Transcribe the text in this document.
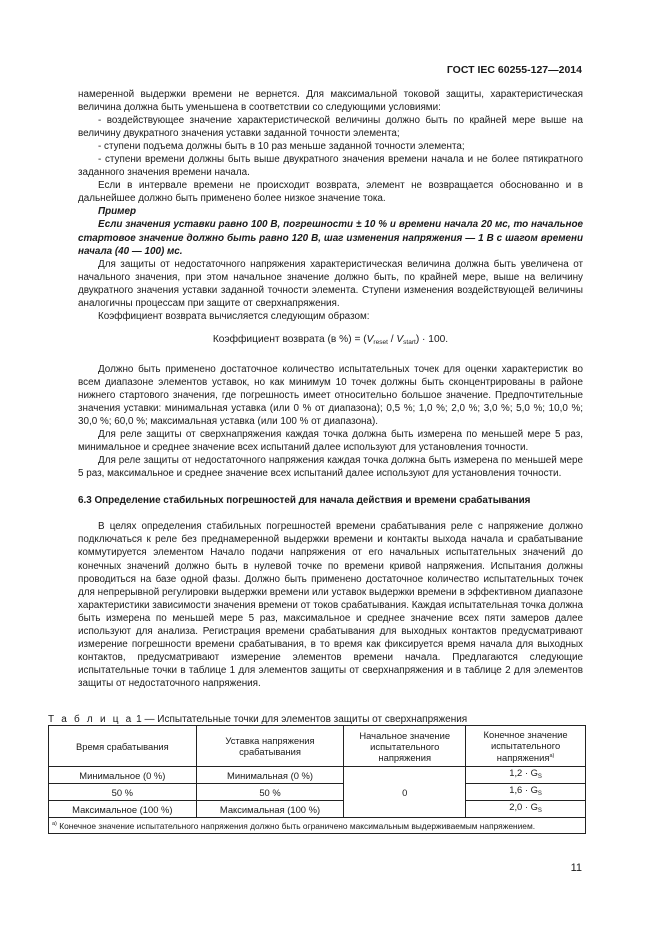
ГОСТ IEC 60255-127—2014

намеренной выдержки времени не вернется. Для максимальной токовой защиты, характеристическая величина должна быть уменьшена в соответствии со следующими условиями:

- воздействующее значение характеристической величины должно быть по крайней мере выше на величину двукратного значения уставки заданной точности элемента;

- ступени подъема должны быть в 10 раз меньше заданной точности элемента;

- ступени времени должны быть выше двукратного значения времени начала и не более пятикратного заданного значения времени начала.

Если в интервале времени не происходит возврата, элемент не возвращается обоснованно и в дальнейшее должно быть применено более низкое значение тока.

Пример

Если значения уставки равно 100 В, погрешности ± 10 % и времени начала 20 мс, то начальное стартовое значение должно быть равно 120 В, шаг изменения напряжения — 1 В с шагом времени начала (40 — 100) мс.

Для защиты от недостаточного напряжения характеристическая величина должна быть увеличена от начального значения, при этом начальное значение должно быть, по крайней мере, выше на величину двукратного значения уставки заданной точности элемента. Ступени изменения воздействующей величины аналогичны процессам при защите от сверхнапряжения.

Коэффициент возврата вычисляется следующим образом:

Коэффициент возврата (в %) = $(V_{reset} / V_{start}) \cdot 100$.

Должно быть применено достаточное количество испытательных точек для оценки характеристик во всем диапазоне элементов уставок, но как минимум 10 точек должны быть сконцентрированы в районе нижнего стартового значения, где погрешность имеет относительно большое значение. Предпочтительные значения уставки: минимальная уставка (или 0 % от диапазона); 0,5 %; 1,0 %; 2,0 %; 3,0 %; 5,0 %; 10,0 %; 30,0 %; 60,0 %; максимальная уставка (или 100 % от диапазона).

Для реле защиты от сверхнапряжения каждая точка должна быть измерена по меньшей мере 5 раз, минимальное и среднее значение всех испытаний далее используют для установления точности.

Для реле защиты от недостаточного напряжения каждая точка должна быть измерена по меньшей мере 5 раз, максимальное и среднее значение всех испытаний далее используют для установления точности.

6.3 Определение стабильных погрешностей для начала действия и времени срабатывания

В целях определения стабильных погрешностей времени срабатывания реле с напряжение должно подключаться к реле без преднамеренной выдержки времени и контакты выхода начала и срабатывание коммутируется элементом Начало подачи напряжения от его начальных испытательных значений до конечных значений должно быть в нулевой точке по времени кривой напряжения. Испытания должны проводиться на базе одной фазы. Должно быть применено достаточное количество испытательных точек для непрерывной регулировки выдержки времени или уставок выдержки времени в эффективном диапазоне характеристики зависимости значения времени от токов срабатывания. Каждая испытательная точка должна быть измерена по меньшей мере 5 раз, максимальное и среднее значение всех пяти замеров далее используют для анализа. Регистрация времени срабатывания для выходных контактов предусматривают измерение погрешности времени срабатывания, в то время как фиксируется время начала для выходных контактов, предусматривают измерение элементов времени начала. Предлагаются следующие испытательные точки в таблице 1 для элементов защиты от сверхнапряжения и в таблице 2 для элементов защиты от недостаточного напряжения.

Т а б л и ц а 1 — Испытательные точки для элементов защиты от сверхнапряжения
Время срабатывания	Уставка напряжения срабатывания	Начальное значение испытательного напряжения	Конечное значение испытательного напряжения$^{а)}$
Минимальное (0 %)	Минимальная (0 %)	0	$1,2 \cdot G_S$
50 %	50 %		$1,6 \cdot G_S$
Максимальное (100 %)	Максимальная (100 %)		$2,0 \cdot G_S$
$^{а)}$ Конечное значение испытательного напряжения должно быть ограничено максимальным выдерживаемым напряжением.			
11
